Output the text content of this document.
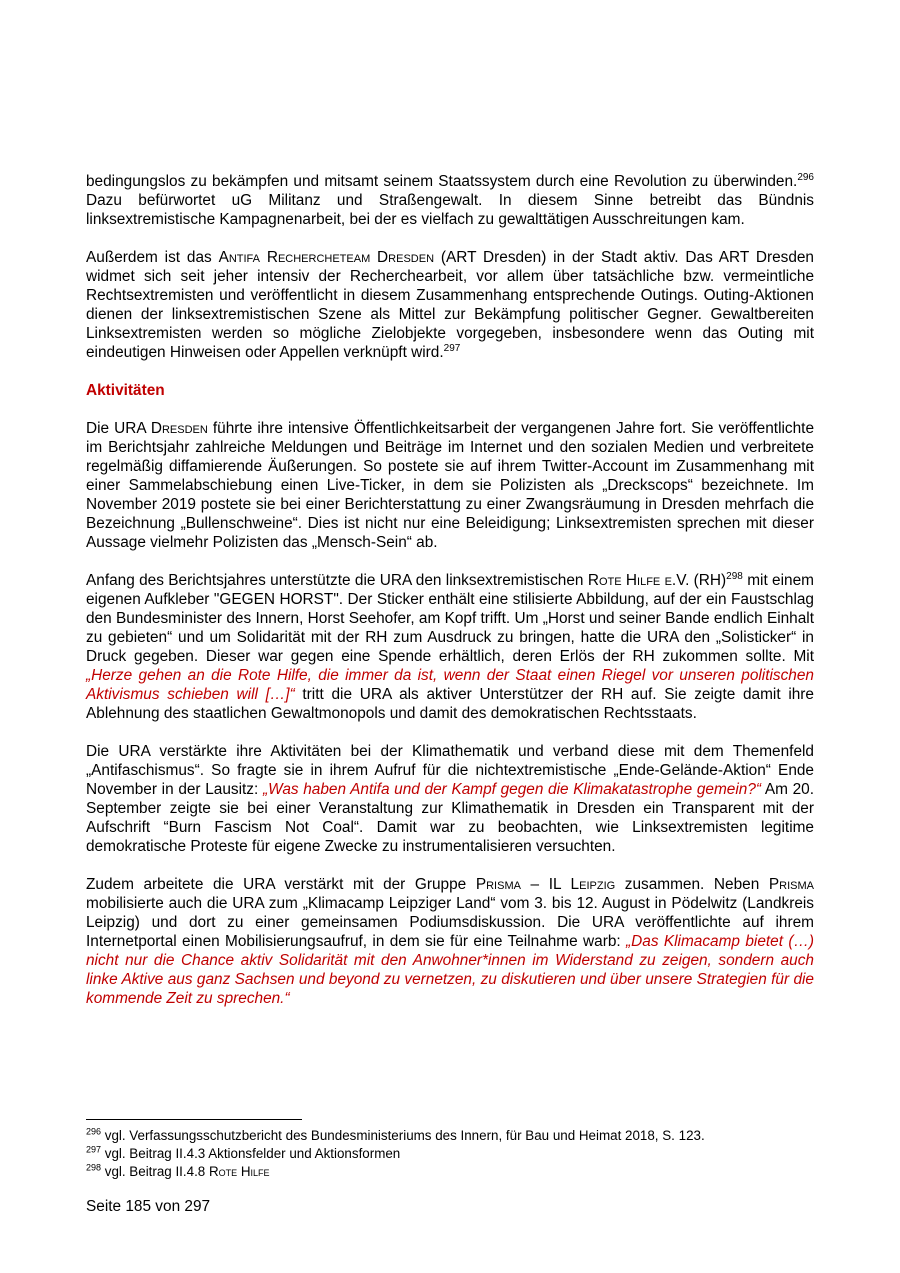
bedingungslos zu bekämpfen und mitsamt seinem Staatssystem durch eine Revolution zu überwinden.$^{296}$ Dazu befürwortet uG Militanz und Straßengewalt. In diesem Sinne betreibt das Bündnis linksextremistische Kampagnenarbeit, bei der es vielfach zu gewalttätigen Ausschreitungen kam.

Außerdem ist das Antifa Rechercheteam Dresden (ART Dresden) in der Stadt aktiv. Das ART Dresden widmet sich seit jeher intensiv der Recherchearbeit, vor allem über tatsächliche bzw. vermeintliche Rechtsextremisten und veröffentlicht in diesem Zusammenhang entsprechende Outings. Outing-Aktionen dienen der linksextremistischen Szene als Mittel zur Bekämpfung politischer Gegner. Gewaltbereiten Linksextremisten werden so mögliche Zielobjekte vorgegeben, insbesondere wenn das Outing mit eindeutigen Hinweisen oder Appellen verknüpft wird.$^{297}$

Aktivitäten

Die URA Dresden führte ihre intensive Öffentlichkeitsarbeit der vergangenen Jahre fort. Sie veröffentlichte im Berichtsjahr zahlreiche Meldungen und Beiträge im Internet und den sozialen Medien und verbreitete regelmäßig diffamierende Äußerungen. So postete sie auf ihrem Twitter-Account im Zusammenhang mit einer Sammelabschiebung einen Live-Ticker, in dem sie Polizisten als „Dreckscops“ bezeichnete. Im November 2019 postete sie bei einer Berichterstattung zu einer Zwangsräumung in Dresden mehrfach die Bezeichnung „Bullenschweine“. Dies ist nicht nur eine Beleidigung; Linksextremisten sprechen mit dieser Aussage vielmehr Polizisten das „Mensch-Sein“ ab.

Anfang des Berichtsjahres unterstützte die URA den linksextremistischen Rote Hilfe e.V. (RH)$^{298}$ mit einem eigenen Aufkleber "GEGEN HORST". Der Sticker enthält eine stilisierte Abbildung, auf der ein Faustschlag den Bundesminister des Innern, Horst Seehofer, am Kopf trifft. Um „Horst und seiner Bande endlich Einhalt zu gebieten“ und um Solidarität mit der RH zum Ausdruck zu bringen, hatte die URA den „Solisticker“ in Druck gegeben. Dieser war gegen eine Spende erhältlich, deren Erlös der RH zukommen sollte. Mit „Herze gehen an die Rote Hilfe, die immer da ist, wenn der Staat einen Riegel vor unseren politischen Aktivismus schieben will […]“ tritt die URA als aktiver Unterstützer der RH auf. Sie zeigte damit ihre Ablehnung des staatlichen Gewaltmonopols und damit des demokratischen Rechtsstaats.

Die URA verstärkte ihre Aktivitäten bei der Klimathematik und verband diese mit dem Themenfeld „Antifaschismus“. So fragte sie in ihrem Aufruf für die nichtextremistische „Ende-Gelände-Aktion“ Ende November in der Lausitz: „Was haben Antifa und der Kampf gegen die Klimakatastrophe gemein?“ Am 20. September zeigte sie bei einer Veranstaltung zur Klimathematik in Dresden ein Transparent mit der Aufschrift “Burn Fascism Not Coal“. Damit war zu beobachten, wie Linksextremisten legitime demokratische Proteste für eigene Zwecke zu instrumentalisieren versuchten.

Zudem arbeitete die URA verstärkt mit der Gruppe Prisma – IL Leipzig zusammen. Neben Prisma mobilisierte auch die URA zum „Klimacamp Leipziger Land“ vom 3. bis 12. August in Pödelwitz (Landkreis Leipzig) und dort zu einer gemeinsamen Podiumsdiskussion. Die URA veröffentlichte auf ihrem Internetportal einen Mobilisierungsaufruf, in dem sie für eine Teilnahme warb: „Das Klimacamp bietet (…) nicht nur die Chance aktiv Solidarität mit den Anwohner*innen im Widerstand zu zeigen, sondern auch linke Aktive aus ganz Sachsen und beyond zu vernetzen, zu diskutieren und über unsere Strategien für die kommende Zeit zu sprechen.“

$^{296}$ vgl. Verfassungsschutzbericht des Bundesministeriums des Innern, für Bau und Heimat 2018, S. 123.
$^{297}$ vgl. Beitrag II.4.3 Aktionsfelder und Aktionsformen
$^{298}$ vgl. Beitrag II.4.8 Rote Hilfe
Seite 185 von 297
